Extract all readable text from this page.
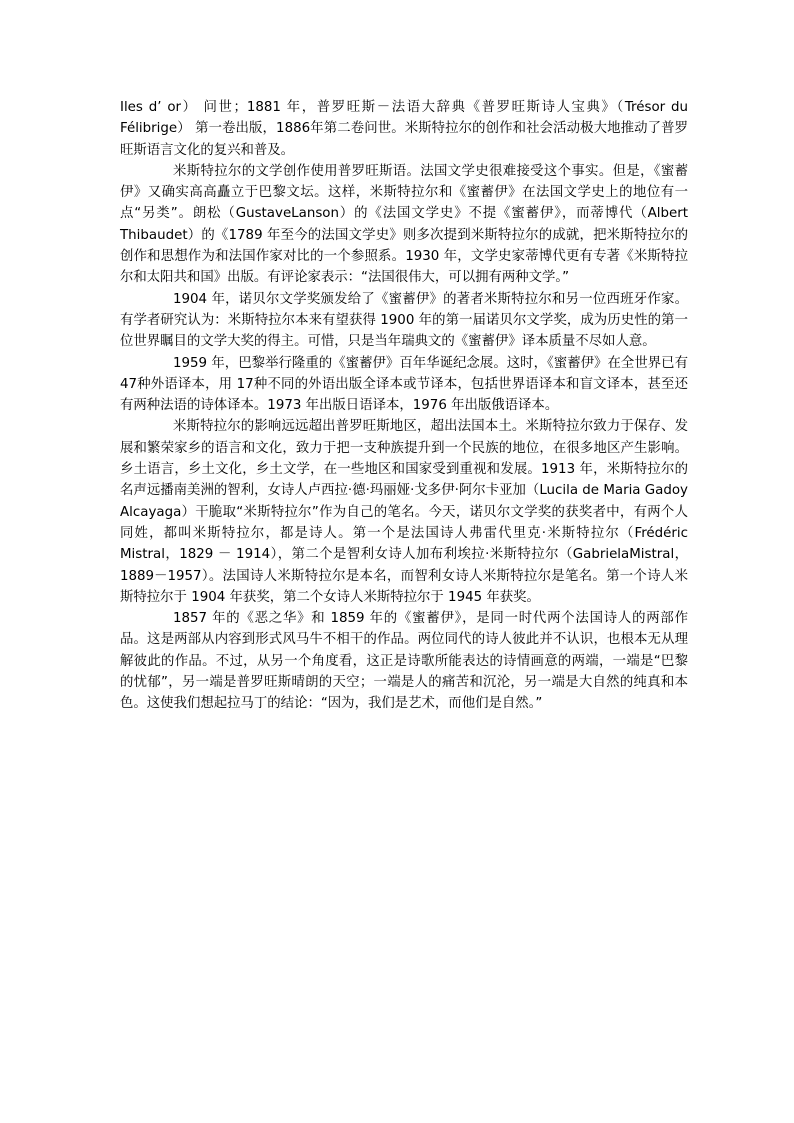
Iles d’ or） 问世；1881 年，普罗旺斯－法语大辞典《普罗旺斯诗人宝典》（Trésor du Félibrige） 第一卷出版，1886年第二卷问世。米斯特拉尔的创作和社会活动极大地推动了普罗旺斯语言文化的复兴和普及。

米斯特拉尔的文学创作使用普罗旺斯语。法国文学史很难接受这个事实。但是，《蜜蓄伊》又确实高高矗立于巴黎文坛。这样，米斯特拉尔和《蜜蓄伊》在法国文学史上的地位有一点“另类”。朗松（GustaveLanson）的《法国文学史》不提《蜜蓄伊》，而蒂博代（Albert Thibaudet）的《1789 年至今的法国文学史》则多次提到米斯特拉尔的成就，把米斯特拉尔的创作和思想作为和法国作家对比的一个参照系。1930 年，文学史家蒂博代更有专著《米斯特拉尔和太阳共和国》出版。有评论家表示：“法国很伟大，可以拥有两种文学。”

1904 年，诺贝尔文学奖颁发给了《蜜蓄伊》的著者米斯特拉尔和另一位西班牙作家。有学者研究认为：米斯特拉尔本来有望获得 1900 年的第一届诺贝尔文学奖，成为历史性的第一位世界瞩目的文学大奖的得主。可惜，只是当年瑞典文的《蜜蓄伊》译本质量不尽如人意。

1959 年，巴黎举行隆重的《蜜蓄伊》百年华诞纪念展。这时，《蜜蓄伊》在全世界已有 47种外语译本，用 17种不同的外语出版全译本或节译本，包括世界语译本和盲文译本，甚至还有两种法语的诗体译本。1973 年出版日语译本，1976 年出版俄语译本。

米斯特拉尔的影响远远超出普罗旺斯地区，超出法国本土。米斯特拉尔致力于保存、发展和繁荣家乡的语言和文化，致力于把一支种族提升到一个民族的地位，在很多地区产生影响。乡土语言，乡土文化，乡土文学，在一些地区和国家受到重视和发展。1913 年，米斯特拉尔的名声远播南美洲的智利，女诗人卢西拉·德·玛丽娅·戈多伊·阿尔卡亚加（Lucila de Maria Gadoy Alcayaga）干脆取“米斯特拉尔”作为自己的笔名。今天，诺贝尔文学奖的获奖者中，有两个人同姓，都叫米斯特拉尔，都是诗人。第一个是法国诗人弗雷代里克·米斯特拉尔（Frédéric Mistral，1829 － 1914），第二个是智利女诗人加布利埃拉·米斯特拉尔（GabrielaMistral，1889－1957）。法国诗人米斯特拉尔是本名，而智利女诗人米斯特拉尔是笔名。第一个诗人米斯特拉尔于 1904 年获奖，第二个女诗人米斯特拉尔于 1945 年获奖。

1857 年的《恶之华》和 1859 年的《蜜蓄伊》，是同一时代两个法国诗人的两部作品。这是两部从内容到形式风马牛不相干的作品。两位同代的诗人彼此并不认识，也根本无从理解彼此的作品。不过，从另一个角度看，这正是诗歌所能表达的诗情画意的两端，一端是“巴黎的忧郁”，另一端是普罗旺斯晴朗的天空；一端是人的痛苦和沉沦，另一端是大自然的纯真和本色。这使我们想起拉马丁的结论：“因为，我们是艺术，而他们是自然。”
